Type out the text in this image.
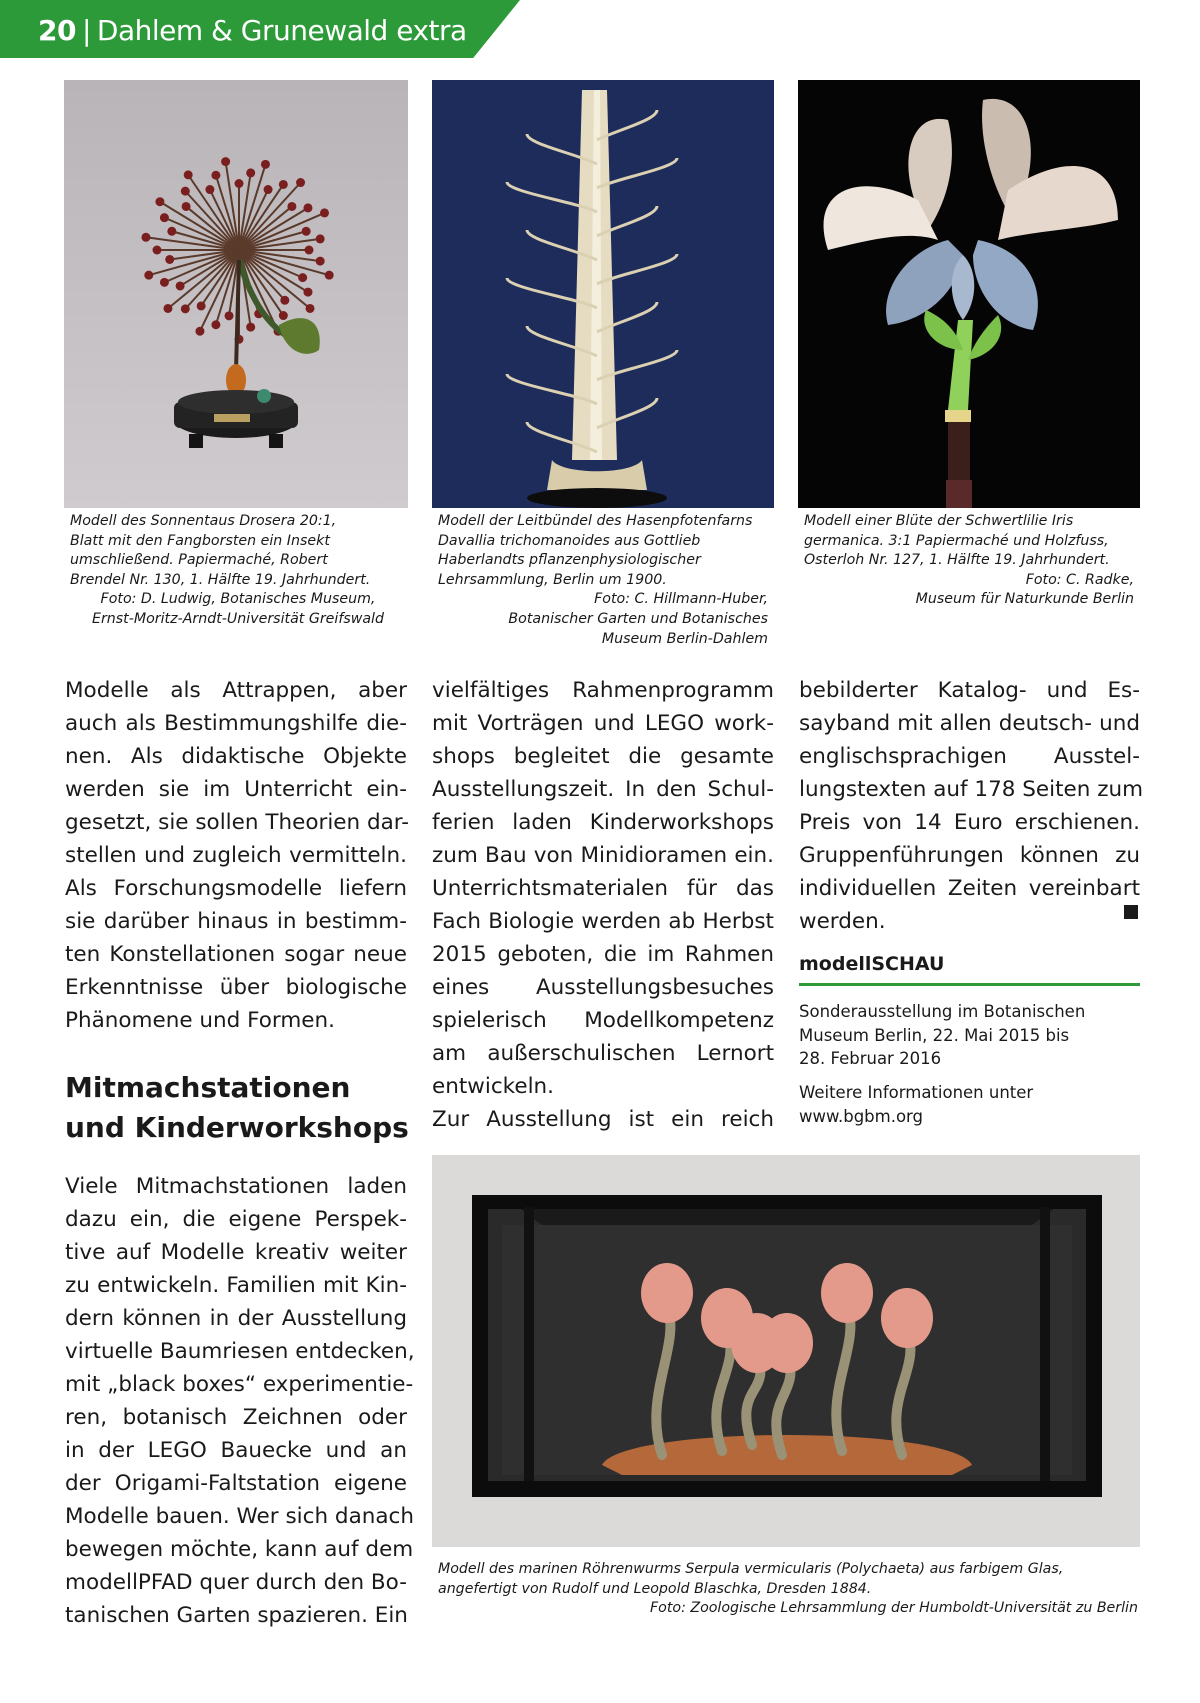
20 | Dahlem & Grunewald extra

Modell des Sonnentaus Drosera 20:1,

Blatt mit den Fangborsten ein Insekt

umschließend. Papiermaché, Robert

Brendel Nr. 130, 1. Hälfte 19. Jahrhundert.

Foto: D. Ludwig, Botanisches Museum,

Ernst-Moritz-Arndt-Universität Greifswald

Modell der Leitbündel des Hasenpfotenfarns

Davallia trichomanoides aus Gottlieb

Haberlandts pflanzenphysiologischer

Lehrsammlung, Berlin um 1900.

Foto: C. Hillmann-Huber,

Botanischer Garten und Botanisches

Museum Berlin-Dahlem

Modell einer Blüte der Schwertlilie Iris

germanica. 3:1 Papiermaché und Holzfuss,

Osterloh Nr. 127, 1. Hälfte 19. Jahrhundert.

Foto: C. Radke,

Museum für Naturkunde Berlin

Modelle als Attrappen, aber
auch als Bestimmungshilfe die-
nen. Als didaktische Objekte
werden sie im Unterricht ein-
gesetzt, sie sollen Theorien dar-
stellen und zugleich vermitteln.
Als Forschungsmodelle liefern
sie darüber hinaus in bestimm-
ten Konstellationen sogar neue
Erkenntnisse über biologische
Phänomene und Formen.
Mitmachstationen
und Kinderworkshops
Viele Mitmachstationen laden
dazu ein, die eigene Perspek-
tive auf Modelle kreativ weiter
zu entwickeln. Familien mit Kin-
dern können in der Ausstellung
virtuelle Baumriesen entdecken,
mit „black boxes“ experimentie-
ren, botanisch Zeichnen oder
in der LEGO Bauecke und an
der Origami-Faltstation eigene
Modelle bauen. Wer sich danach
bewegen möchte, kann auf dem
modellPFAD quer durch den Bo-
tanischen Garten spazieren. Ein
vielfältiges Rahmenprogramm
mit Vorträgen und LEGO work-
shops begleitet die gesamte
Ausstellungszeit. In den Schul-
ferien laden Kinderworkshops
zum Bau von Minidioramen ein.
Unterrichtsmaterialen für das
Fach Biologie werden ab Herbst
2015 geboten, die im Rahmen
eines Ausstellungsbesuches
spielerisch Modellkompetenz
am außerschulischen Lernort
entwickeln.
Zur Ausstellung ist ein reich
bebilderter Katalog- und Es-
sayband mit allen deutsch- und
englischsprachigen Ausstel-
lungstexten auf 178 Seiten zum
Preis von 14 Euro erschienen.
Gruppenführungen können zu
individuellen Zeiten vereinbart
werden.
modellSCHAU
Sonderausstellung im Botanischen
Museum Berlin, 22. Mai 2015 bis
28. Februar 2016
Weitere Informationen unter
www.bgbm.org

Modell des marinen Röhrenwurms Serpula vermicularis (Polychaeta) aus farbigem Glas,

angefertigt von Rudolf und Leopold Blaschka, Dresden 1884.

Foto: Zoologische Lehrsammlung der Humboldt-Universität zu Berlin
